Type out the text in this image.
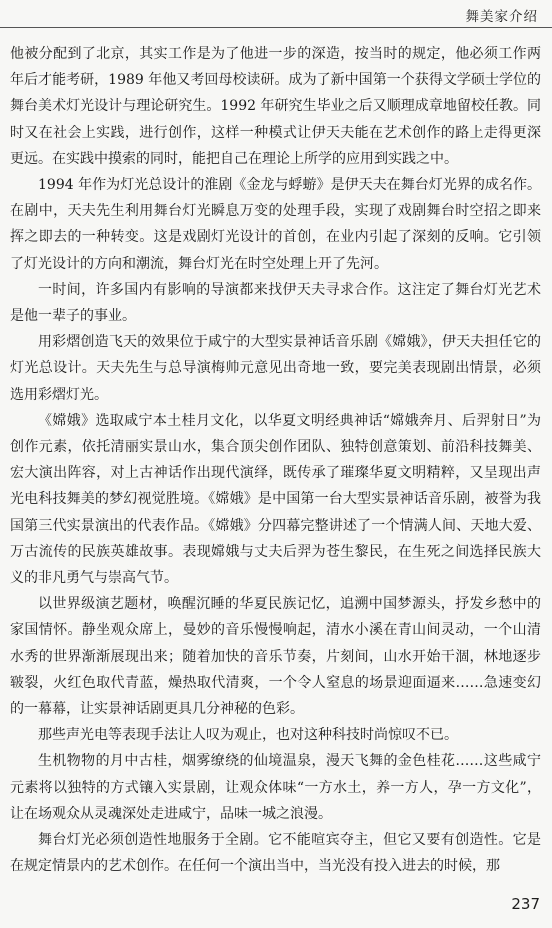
舞美家介绍

他被分配到了北京，其实工作是为了他进一步的深造，按当时的规定，他必须工作两年后才能考研，1989 年他又考回母校读研。成为了新中国第一个获得文学硕士学位的舞台美术灯光设计与理论研究生。1992 年研究生毕业之后又顺理成章地留校任教。同时又在社会上实践，进行创作，这样一种模式让伊天夫能在艺术创作的路上走得更深更远。在实践中摸索的同时，能把自己在理论上所学的应用到实践之中。

1994 年作为灯光总设计的淮剧《金龙与蜉蝣》是伊天夫在舞台灯光界的成名作。在剧中，天夫先生利用舞台灯光瞬息万变的处理手段，实现了戏剧舞台时空招之即来挥之即去的一种转变。这是戏剧灯光设计的首创，在业内引起了深刻的反响。它引领了灯光设计的方向和潮流，舞台灯光在时空处理上开了先河。

一时间，许多国内有影响的导演都来找伊天夫寻求合作。这注定了舞台灯光艺术是他一辈子的事业。

用彩熠创造飞天的效果位于咸宁的大型实景神话音乐剧《嫦娥》，伊天夫担任它的灯光总设计。天夫先生与总导演梅帅元意见出奇地一致，要完美表现剧出情景，必须选用彩熠灯光。

《嫦娥》选取咸宁本土桂月文化，以华夏文明经典神话“嫦娥奔月、后羿射日”为创作元素，依托清丽实景山水，集合顶尖创作团队、独特创意策划、前沿科技舞美、宏大演出阵容，对上古神话作出现代演绎，既传承了璀璨华夏文明精粹，又呈现出声光电科技舞美的梦幻视觉胜境。《嫦娥》是中国第一台大型实景神话音乐剧，被誉为我国第三代实景演出的代表作品。《嫦娥》分四幕完整讲述了一个情满人间、天地大爱、万古流传的民族英雄故事。表现嫦娥与丈夫后羿为苍生黎民，在生死之间选择民族大义的非凡勇气与崇高气节。

以世界级演艺题材，唤醒沉睡的华夏民族记忆，追溯中国梦源头，抒发乡愁中的家国情怀。静坐观众席上，曼妙的音乐慢慢响起，清水小溪在青山间灵动，一个山清水秀的世界渐渐展现出来；随着加快的音乐节奏，片刻间，山水开始干涸，林地逐步皲裂，火红色取代青蓝，燥热取代清爽，一个令人窒息的场景迎面逼来……急速变幻的一幕幕，让实景神话剧更具几分神秘的色彩。

那些声光电等表现手法让人叹为观止，也对这种科技时尚惊叹不已。

生机物物的月中古桂，烟雾缭绕的仙境温泉，漫天飞舞的金色桂花……这些咸宁元素将以独特的方式镶入实景剧，让观众体味“一方水土，养一方人，孕一方文化”，让在场观众从灵魂深处走进咸宁，品味一城之浪漫。

舞台灯光必须创造性地服务于全剧。它不能喧宾夺主，但它又要有创造性。它是在规定情景内的艺术创作。在任何一个演出当中，当光没有投入进去的时候，那

237
